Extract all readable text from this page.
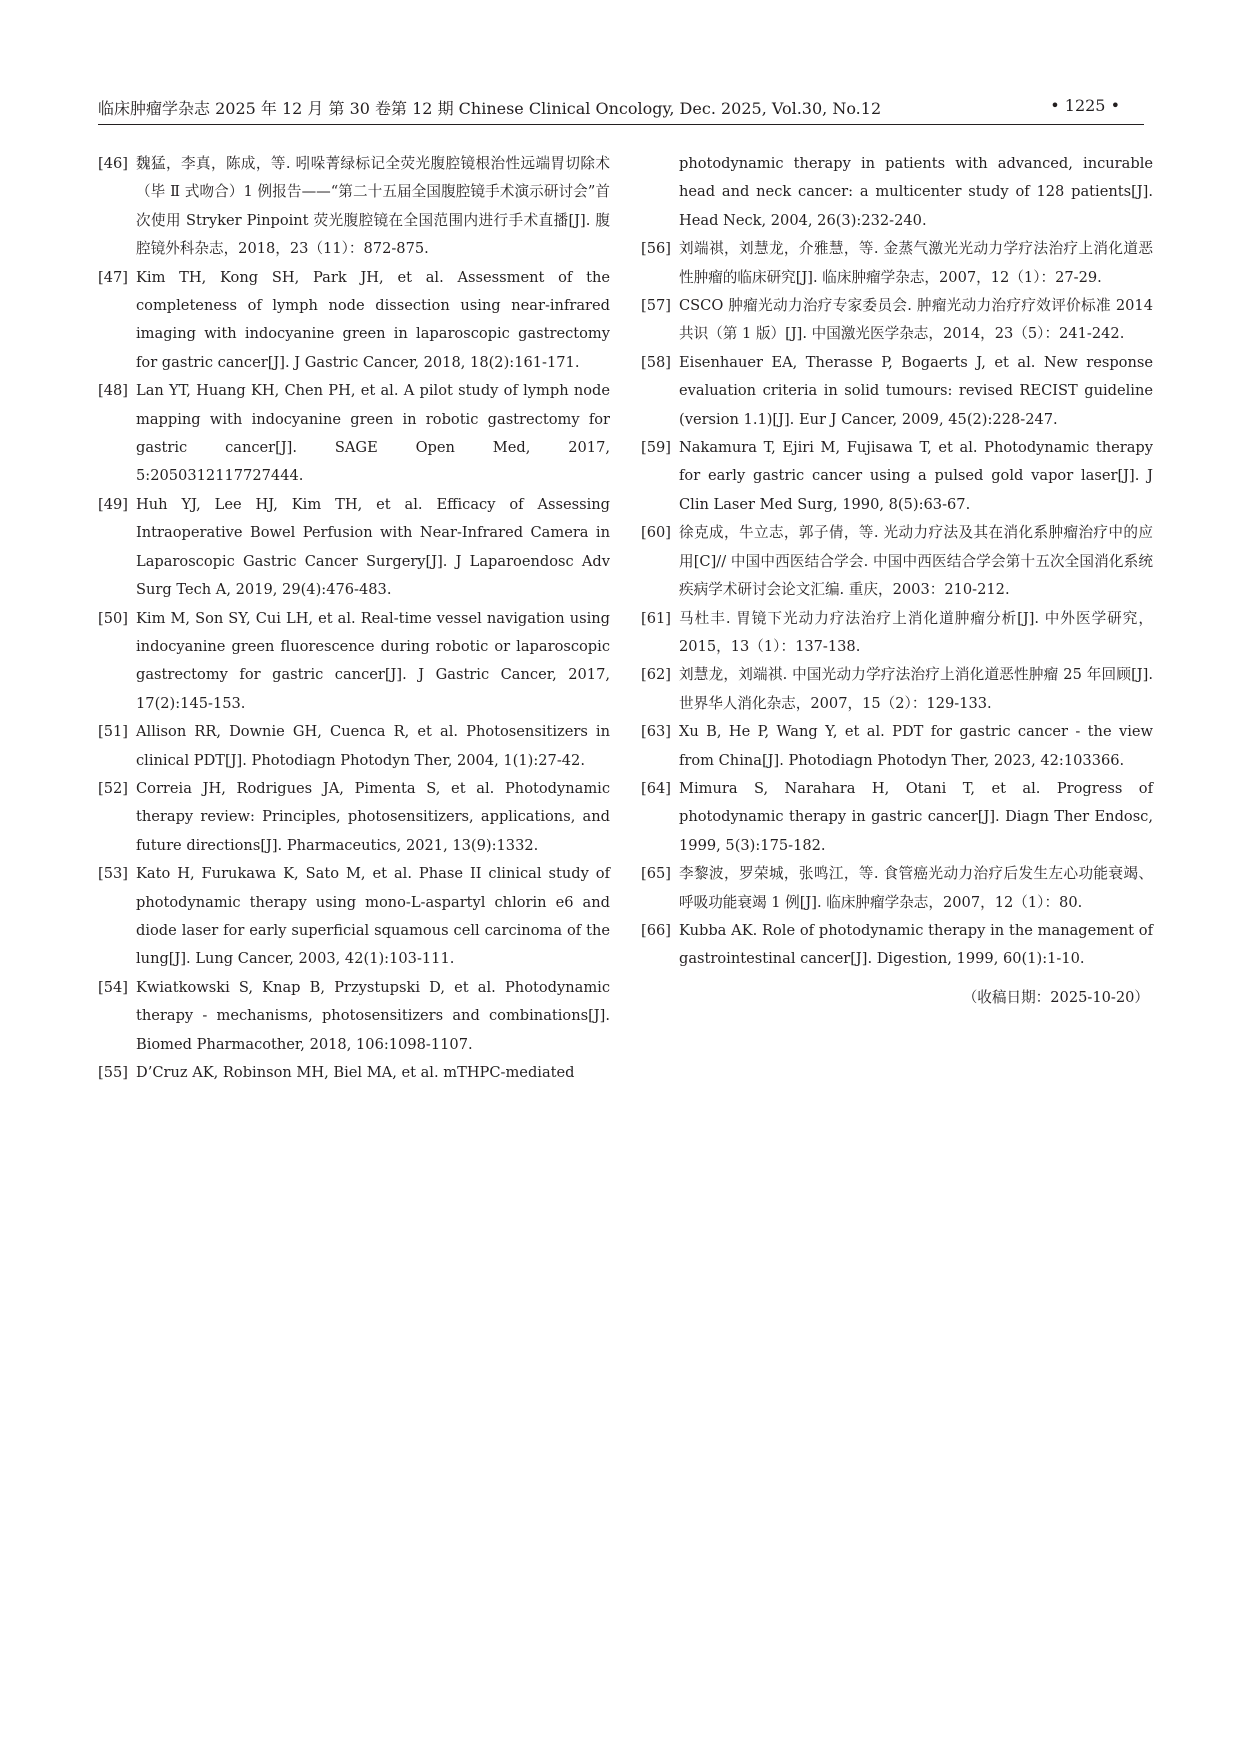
临床肿瘤学杂志 2025 年 12 月 第 30 卷第 12 期 Chinese Clinical Oncology, Dec. 2025, Vol.30, No.12	• 1225 •
[46] 魏猛，李真，陈成，等. 吲哚菁绿标记全荧光腹腔镜根治性远端胃切除术（毕 Ⅱ 式吻合）1 例报告——“第二十五届全国腹腔镜手术演示研讨会”首次使用 Stryker Pinpoint 荧光腹腔镜在全国范围内进行手术直播[J]. 腹腔镜外科杂志，2018，23（11）：872-875.
[47] Kim TH, Kong SH, Park JH, et al. Assessment of the completeness of lymph node dissection using near-infrared imaging with indocyanine green in laparoscopic gastrectomy for gastric cancer[J]. J Gastric Cancer, 2018, 18(2):161-171.
[48] Lan YT, Huang KH, Chen PH, et al. A pilot study of lymph node mapping with indocyanine green in robotic gastrectomy for gastric cancer[J]. SAGE Open Med, 2017, 5:2050312117727444.
[49] Huh YJ, Lee HJ, Kim TH, et al. Efficacy of Assessing Intraoperative Bowel Perfusion with Near-Infrared Camera in Laparoscopic Gastric Cancer Surgery[J]. J Laparoendosc Adv Surg Tech A, 2019, 29(4):476-483.
[50] Kim M, Son SY, Cui LH, et al. Real-time vessel navigation using indocyanine green fluorescence during robotic or laparoscopic gastrectomy for gastric cancer[J]. J Gastric Cancer, 2017, 17(2):145-153.
[51] Allison RR, Downie GH, Cuenca R, et al. Photosensitizers in clinical PDT[J]. Photodiagn Photodyn Ther, 2004, 1(1):27-42.
[52] Correia JH, Rodrigues JA, Pimenta S, et al. Photodynamic therapy review: Principles, photosensitizers, applications, and future directions[J]. Pharmaceutics, 2021, 13(9):1332.
[53] Kato H, Furukawa K, Sato M, et al. Phase II clinical study of photodynamic therapy using mono-L-aspartyl chlorin e6 and diode laser for early superficial squamous cell carcinoma of the lung[J]. Lung Cancer, 2003, 42(1):103-111.
[54] Kwiatkowski S, Knap B, Przystupski D, et al. Photodynamic therapy - mechanisms, photosensitizers and combinations[J]. Biomed Pharmacother, 2018, 106:1098-1107.
[55] D’Cruz AK, Robinson MH, Biel MA, et al. mTHPC-mediated
photodynamic therapy in patients with advanced, incurable head and neck cancer: a multicenter study of 128 patients[J]. Head Neck, 2004, 26(3):232-240.
[56] 刘端祺，刘慧龙，介雅慧，等. 金蒸气激光光动力学疗法治疗上消化道恶性肿瘤的临床研究[J]. 临床肿瘤学杂志，2007，12（1）：27-29.
[57] CSCO 肿瘤光动力治疗专家委员会. 肿瘤光动力治疗疗效评价标准 2014 共识（第 1 版）[J]. 中国激光医学杂志，2014，23（5）：241-242.
[58] Eisenhauer EA, Therasse P, Bogaerts J, et al. New response evaluation criteria in solid tumours: revised RECIST guideline (version 1.1)[J]. Eur J Cancer, 2009, 45(2):228-247.
[59] Nakamura T, Ejiri M, Fujisawa T, et al. Photodynamic therapy for early gastric cancer using a pulsed gold vapor laser[J]. J Clin Laser Med Surg, 1990, 8(5):63-67.
[60] 徐克成，牛立志，郭子倩，等. 光动力疗法及其在消化系肿瘤治疗中的应用[C]// 中国中西医结合学会. 中国中西医结合学会第十五次全国消化系统疾病学术研讨会论文汇编. 重庆，2003：210-212.
[61] 马杜丰. 胃镜下光动力疗法治疗上消化道肿瘤分析[J]. 中外医学研究，2015，13（1）：137-138.
[62] 刘慧龙，刘端祺. 中国光动力学疗法治疗上消化道恶性肿瘤 25 年回顾[J]. 世界华人消化杂志，2007，15（2）：129-133.
[63] Xu B, He P, Wang Y, et al. PDT for gastric cancer - the view from China[J]. Photodiagn Photodyn Ther, 2023, 42:103366.
[64] Mimura S, Narahara H, Otani T, et al. Progress of photodynamic therapy in gastric cancer[J]. Diagn Ther Endosc, 1999, 5(3):175-182.
[65] 李黎波，罗荣城，张鸣江，等. 食管癌光动力治疗后发生左心功能衰竭、呼吸功能衰竭 1 例[J]. 临床肿瘤学杂志，2007，12（1）：80.
[66] Kubba AK. Role of photodynamic therapy in the management of gastrointestinal cancer[J]. Digestion, 1999, 60(1):1-10.
（收稿日期：2025-10-20）
